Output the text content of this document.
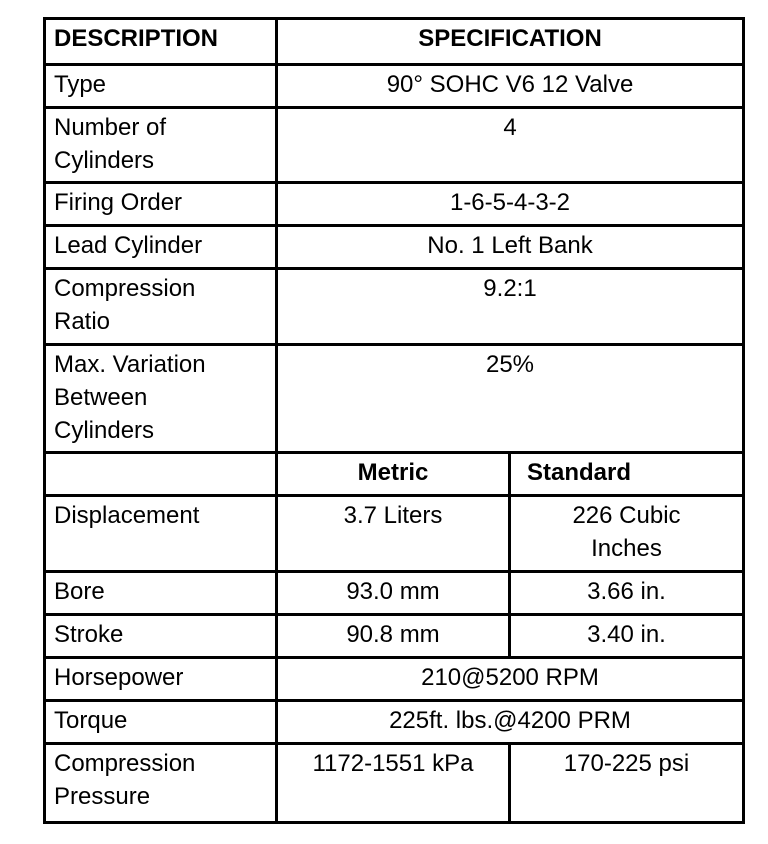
DESCRIPTION	SPECIFICATION	
Type	90° SOHC V6 12 Valve	
Number of
Cylinders	4	
Firing Order	1-6-5-4-3-2	
Lead Cylinder	No. 1 Left Bank	
Compression
Ratio	9.2:1	
Max. Variation
Between
Cylinders	25%	
	Metric	Standard
Displacement	3.7 Liters	226 Cubic
Inches
Bore	93.0 mm	3.66 in.
Stroke	90.8 mm	3.40 in.
Horsepower	210@5200 RPM	
Torque	225ft. lbs.@4200 PRM	
Compression
Pressure	1172-1551 kPa	170-225 psi
